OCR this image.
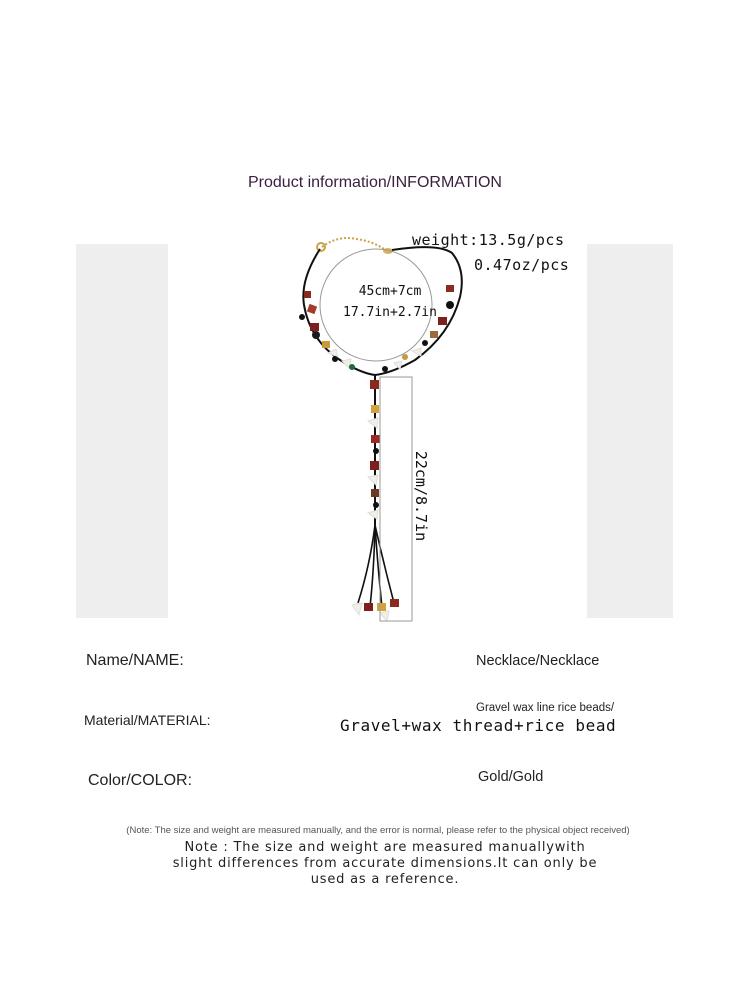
Product information/INFORMATION
weight:13.5g/pcs
0.47oz/pcs
45cm+7cm
17.7in+2.7in
22cm/8.7in
Name/NAME:	Necklace/Necklace
Material/MATERIAL:
Gravel wax line rice beads/
Gravel+wax thread+rice bead
Color/COLOR:	Gold/Gold
(Note: The size and weight are measured manually, and the error is normal, please refer to the physical object received)
Note : The size and weight are measured manuallywith
slight differences from accurate dimensions.It can only be
used as a reference.
